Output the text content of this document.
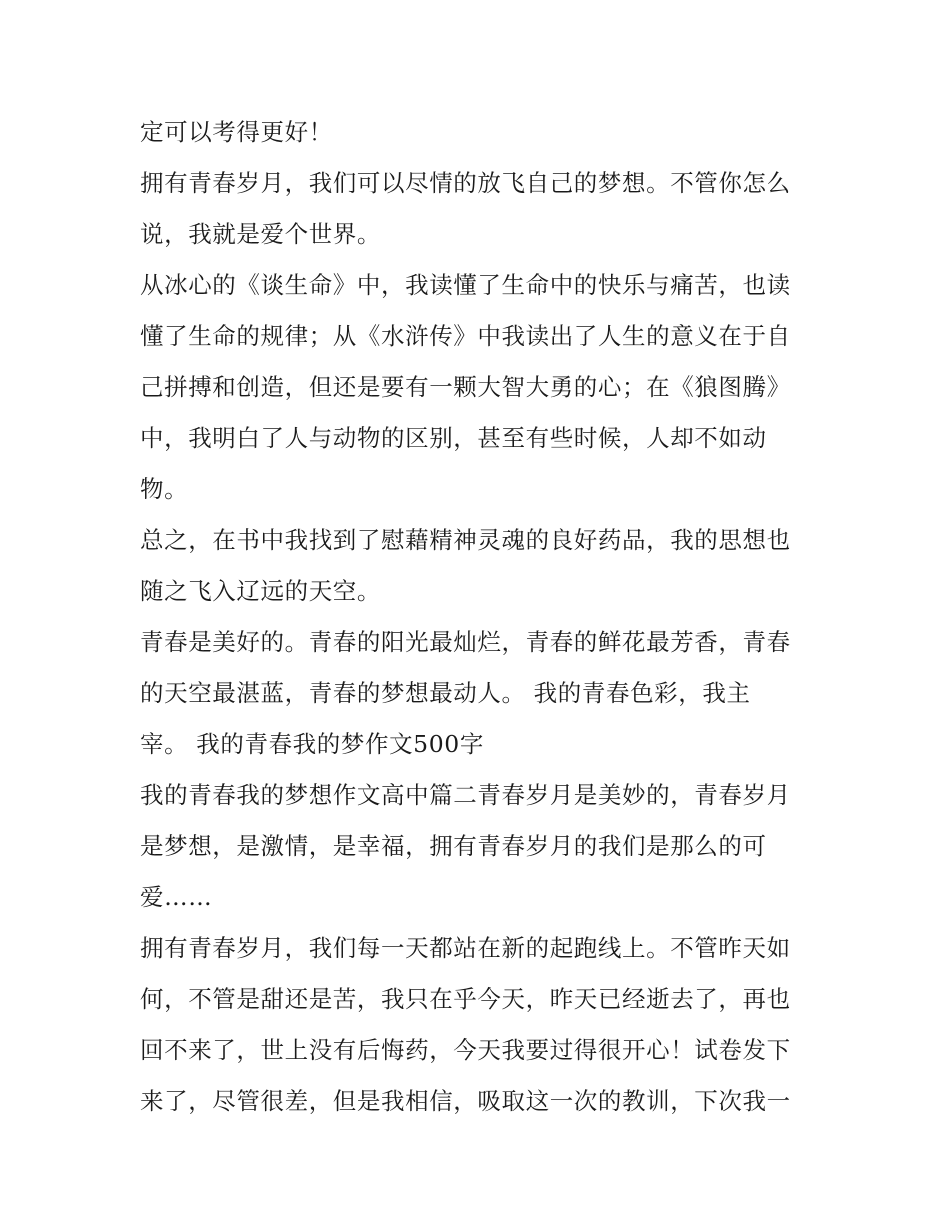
定可以考得更好！
拥有青春岁月，我们可以尽情的放飞自己的梦想。不管你怎么
说，我就是爱个世界。
从冰心的《谈生命》中，我读懂了生命中的快乐与痛苦，也读
懂了生命的规律；从《水浒传》中我读出了人生的意义在于自
己拼搏和创造，但还是要有一颗大智大勇的心；在《狼图腾》
中，我明白了人与动物的区别，甚至有些时候，人却不如动
物。
总之，在书中我找到了慰藉精神灵魂的良好药品，我的思想也
随之飞入辽远的天空。
青春是美好的。青春的阳光最灿烂，青春的鲜花最芳香，青春
的天空最湛蓝，青春的梦想最动人。 我的青春色彩，我主
宰。 我的青春我的梦作文500字
我的青春我的梦想作文高中篇二青春岁月是美妙的，青春岁月
是梦想，是激情，是幸福，拥有青春岁月的我们是那么的可
爱……
拥有青春岁月，我们每一天都站在新的起跑线上。不管昨天如
何，不管是甜还是苦，我只在乎今天，昨天已经逝去了，再也
回不来了，世上没有后悔药，今天我要过得很开心！试卷发下
来了，尽管很差，但是我相信，吸取这一次的教训，下次我一
